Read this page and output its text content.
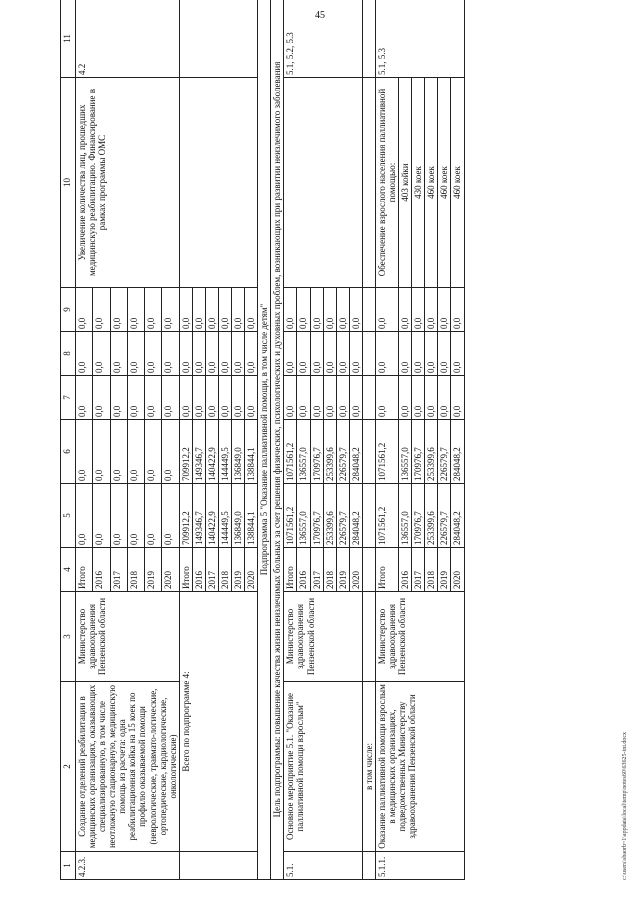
45
1	2	3	4	5	6	7	8	9	10	11
4.2.3.	Создание отделений реабилитации в медицинских организациях, оказывающих специализированную, в том числе неотложную стационарную, медицинскую помощь из расчета: одна реабилитационная койка на 15 коек по профилю оказываемой помощи (неврологические, травмато-логические, ортопедические, кардиологические, онкологические)	Министерство здравоохранения Пензенской области	Итого	0,0	0,0	0,0	0,0	0,0	Увеличение количества лиц, прошедших медицинскую реабилитацию. Финансирование в рамках программы ОМС	4.2
			2016	0,0	0,0	0,0	0,0	0,0		
			2017	0,0	0,0	0,0	0,0	0,0		
			2018	0,0	0,0	0,0	0,0	0,0		
			2019	0,0	0,0	0,0	0,0	0,0		
			2020	0,0	0,0	0,0	0,0	0,0		
	Всего по подпрограмме 4:		Итого	709912,2	709912,2	0,0	0,0	0,0		
			2016	149346,7	149346,7	0,0	0,0	0,0		
			2017	140422,9	140422,9	0,0	0,0	0,0		
			2018	144449,5	144449,5	0,0	0,0	0,0		
			2019	136849,0	136849,0	0,0	0,0	0,0		
			2020	138844,1	138844,1	0,0	0,0	0,0		
Подпрограмма 5 "Оказание паллиативной помощи, в том числе детям"										
Цель подпрограммы: повышение качества жизни неизлечимых больных за счет решения физических, психологических и духовных проблем, возникающих при развитии неизлечимого заболевания										
5.1.	Основное мероприятие 5.1. "Оказание паллиативной помощи взрослым"	Министерство здравоохранения Пензенской области	Итого	1071561,2	1071561,2	0,0	0,0	0,0		5.1, 5.2, 5.3
			2016	136557,0	136557,0	0,0	0,0	0,0		
			2017	170976,7	170976,7	0,0	0,0	0,0		
			2018	253399,6	253399,6	0,0	0,0	0,0		
			2019	226579,7	226579,7	0,0	0,0	0,0		
			2020	284048,2	284048,2	0,0	0,0	0,0		
	в том числе:									
5.1.1.	Оказание паллиативной помощи взрослым в медицинских организациях, подведомственных Министерству здравоохранения Пензенской области	Министерство здравоохранения Пензенской области	Итого	1071561,2	1071561,2	0,0	0,0	0,0	Обеспечение взрослого населения паллиативной помощью:	5.1, 5.3
			2016	136557,0	136557,0	0,0	0,0	0,0	403 койки	
			2017	170976,7	170976,7	0,0	0,0	0,0	430 коек	
			2018	253399,6	253399,6	0,0	0,0	0,0	460 коек	
			2019	226579,7	226579,7	0,0	0,0	0,0	460 коек	
			2020	284048,2	284048,2	0,0	0,0	0,0	460 коек	
c:\users\sbaorb~1\appdata\local\temp\notes60\63625-ini.docx
